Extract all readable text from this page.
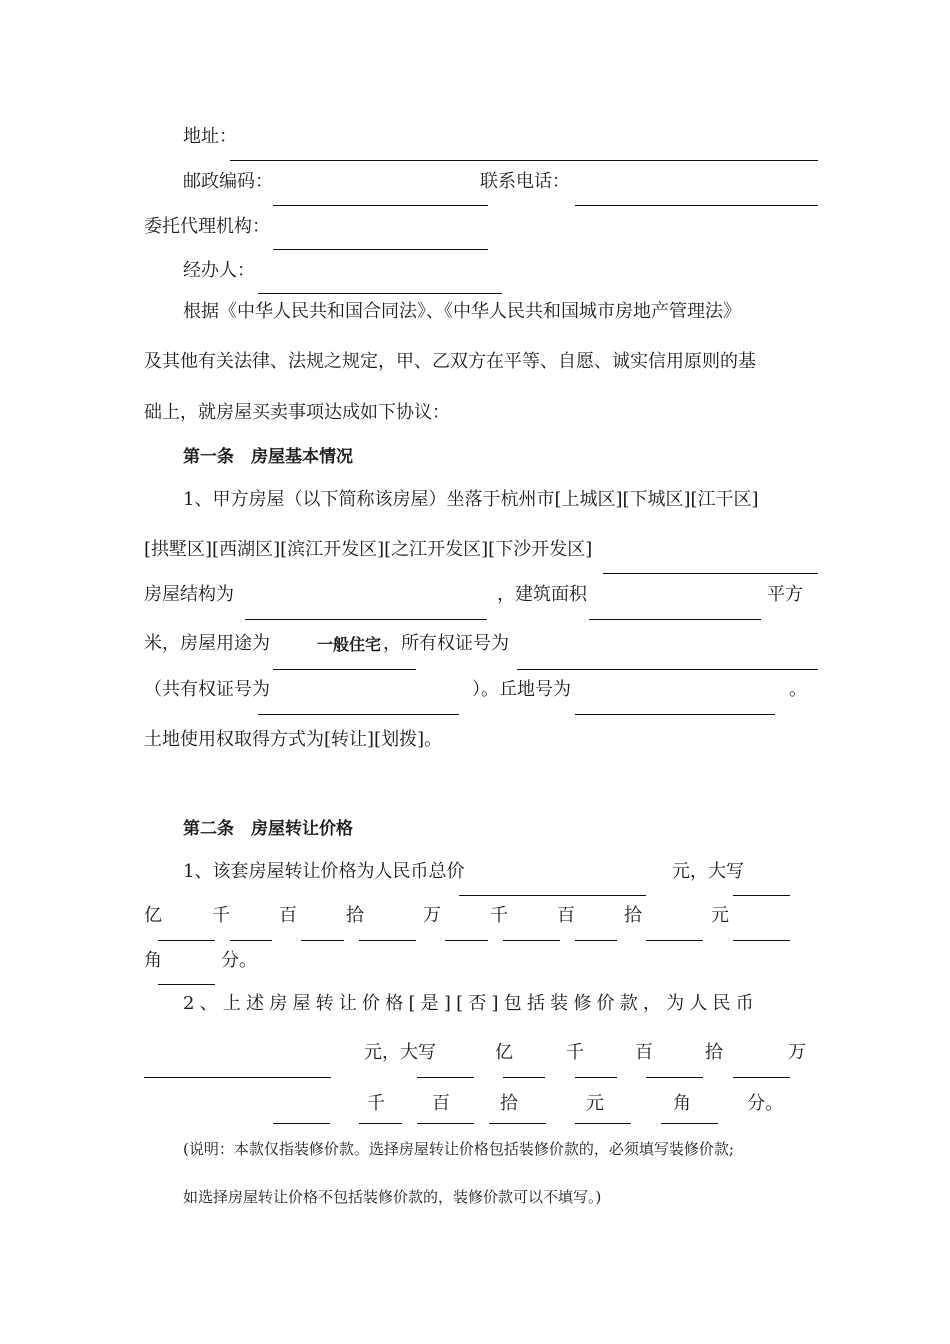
地址：
邮政编码：	联系电话：
委托代理机构：
经办人：
根据《中华人民共和国合同法》、《中华人民共和国城市房地产管理法》
及其他有关法律、法规之规定，甲、乙双方在平等、自愿、诚实信用原则的基
础上，就房屋买卖事项达成如下协议：
第一条　房屋基本情况
1、甲方房屋（以下简称该房屋）坐落于杭州市[上城区][下城区][江干区]
[拱墅区][西湖区][滨江开发区][之江开发区][下沙开发区]
房屋结构为	，建筑面积	平方
米，房屋用途为	一般住宅 ，所有权证号为
（共有权证号为	）。丘地号为	。
土地使用权取得方式为[转让][划拨]。
第二条　房屋转让价格
1、该套房屋转让价格为人民币总价	元，大写
亿	千	百	拾	万	千	百	拾	元
角	分。
2、上述房屋转让价格[是][否]包括装修价款，为人民币
元，大写	亿	千	百	拾	万
千	百	拾	元	角	分。
(说明：本款仅指装修价款。选择房屋转让价格包括装修价款的，必须填写装修价款;
如选择房屋转让价格不包括装修价款的，装修价款可以不填写。)
